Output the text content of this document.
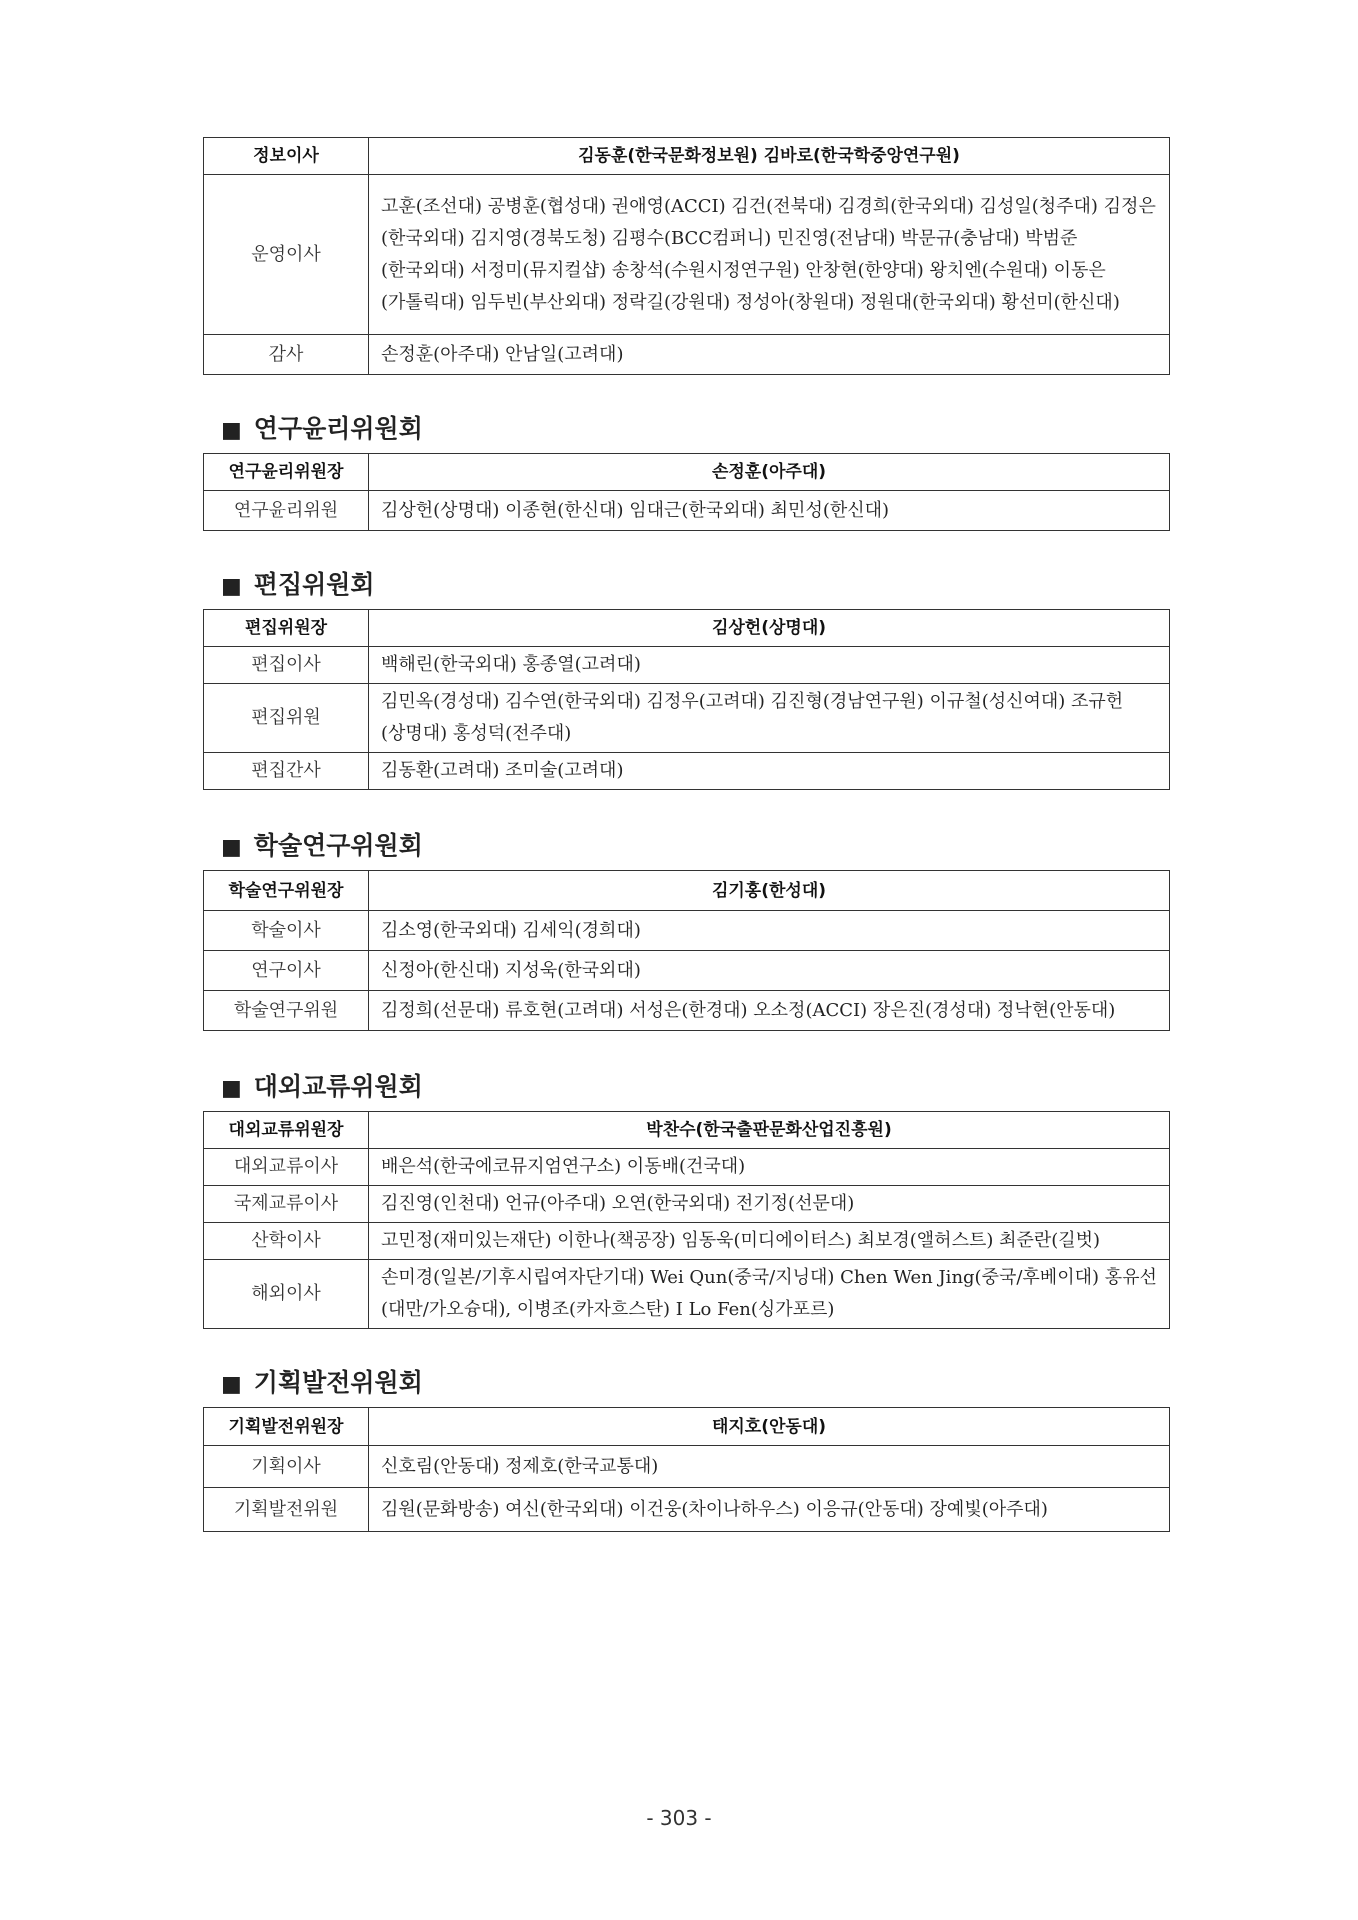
정보이사	김동훈(한국문화정보원) 김바로(한국학중앙연구원)
운영이사	고훈(조선대) 공병훈(협성대) 권애영(ACCI) 김건(전북대) 김경희(한국외대) 김성일(청주대) 김정은(한국외대) 김지영(경북도청) 김평수(BCC컴퍼니) 민진영(전남대) 박문규(충남대) 박범준(한국외대) 서정미(뮤지컬샵) 송창석(수원시정연구원) 안창현(한양대) 왕치엔(수원대) 이동은(가톨릭대) 임두빈(부산외대) 정락길(강원대) 정성아(창원대) 정원대(한국외대) 황선미(한신대)
감사	손정훈(아주대) 안남일(고려대)
■ 연구윤리위원회
연구윤리위원장	손정훈(아주대)
연구윤리위원	김상헌(상명대) 이종현(한신대) 임대근(한국외대) 최민성(한신대)
■ 편집위원회
편집위원장	김상헌(상명대)
편집이사	백해린(한국외대) 홍종열(고려대)
편집위원	김민옥(경성대) 김수연(한국외대) 김정우(고려대) 김진형(경남연구원) 이규철(성신여대) 조규헌(상명대) 홍성덕(전주대)
편집간사	김동환(고려대) 조미술(고려대)
■ 학술연구위원회
학술연구위원장	김기홍(한성대)
학술이사	김소영(한국외대) 김세익(경희대)
연구이사	신정아(한신대) 지성욱(한국외대)
학술연구위원	김정희(선문대) 류호현(고려대) 서성은(한경대) 오소정(ACCI) 장은진(경성대) 정낙현(안동대)
■ 대외교류위원회
대외교류위원장	박찬수(한국출판문화산업진흥원)
대외교류이사	배은석(한국에코뮤지엄연구소) 이동배(건국대)
국제교류이사	김진영(인천대) 언규(아주대) 오연(한국외대) 전기정(선문대)
산학이사	고민정(재미있는재단) 이한나(책공장) 임동욱(미디에이터스) 최보경(앨허스트) 최준란(길벗)
해외이사	손미경(일본/기후시립여자단기대) Wei Qun(중국/지닝대) Chen Wen Jing(중국/후베이대) 홍유선(대만/가오슝대), 이병조(카자흐스탄) I Lo Fen(싱가포르)
■ 기획발전위원회
기획발전위원장	태지호(안동대)
기획이사	신호림(안동대) 정제호(한국교통대)
기획발전위원	김원(문화방송) 여신(한국외대) 이건웅(차이나하우스) 이응규(안동대) 장예빛(아주대)
- 303 -
